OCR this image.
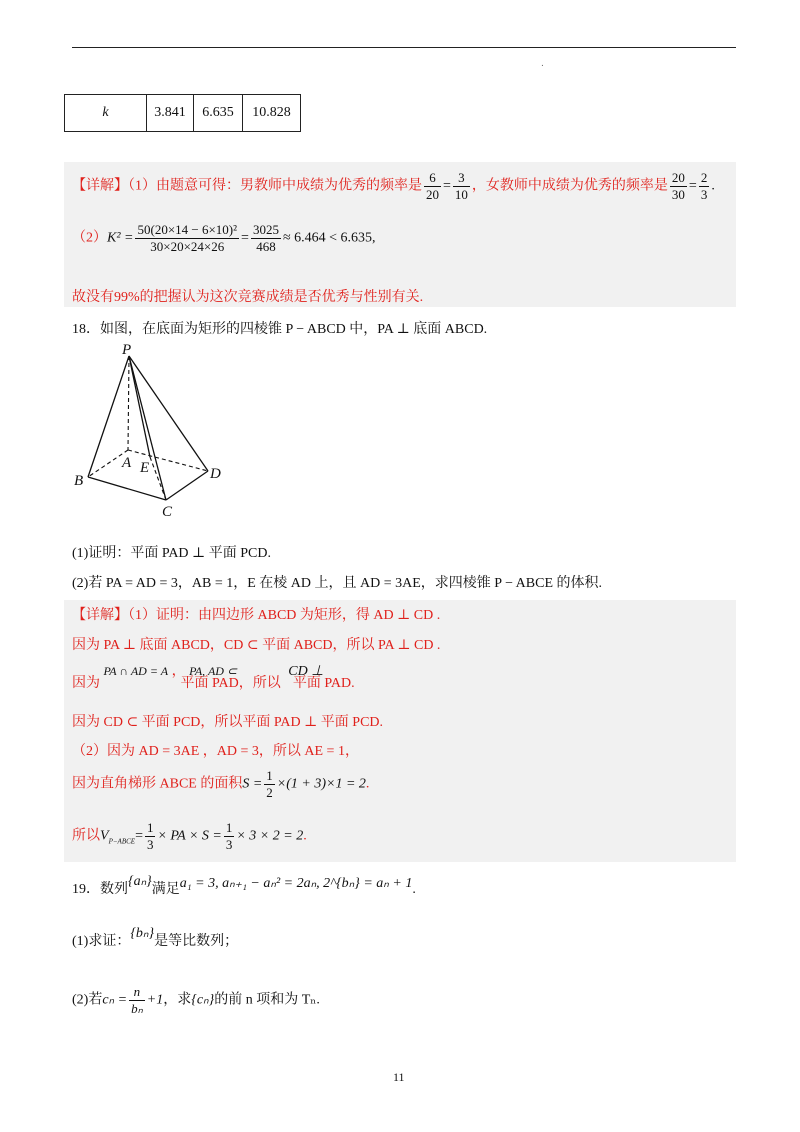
.
k	3.841	6.635	10.828
【详解】（1）由题意可得：男教师中成绩为优秀的频率是 $\frac{6}{20} = \frac{3}{10}$ ，女教师中成绩为优秀的频率是 $\frac{20}{30} = \frac{2}{3}$ .
$(2)K^2 = \frac{\text{50(20×14 − 6×10)²}}{30\times 20\times 24\times 26} = \frac{3025}{468} \approx 6.464 < 6.635$,
故没有99%的把握认为这次竞赛成绩是否优秀与性别有关.
18．如图，在底面为矩形的四棱锥 P − ABCD 中，PA ⊥ 底面 ABCD.
P
A
B
C
D
E
(1)证明：平面 PAD ⊥ 平面 PCD.
(2)若 PA = AD = 3，AB = 1，E 在棱 AD 上，且 AD = 3AE，求四棱锥 P − ABCE 的体积.
【详解】（1）证明：由四边形 ABCD 为矩形，得 AD ⊥ CD .
因为 PA ⊥ 底面 ABCD，CD ⊂ 平面 ABCD，所以 PA ⊥ CD .
因为 PA ∩ AD = A ， PA, AD ⊂ 平面 PAD，所以 CD ⊥ 平面 PAD.
因为 CD ⊂ 平面 PCD，所以平面 PAD ⊥ 平面 PCD.
（2）因为 AD = 3AE ，AD = 3，所以 AE = 1，
因为直角梯形 ABCE 的面积$S = \frac{1}{2} \times(1 + 3)\times 1 = 2$.
所以$V_{P-ABCE}= \frac{1}{3}$ × PA × $S = \frac{1}{3} \times 3 \times 2 = 2$.
19．数列{aₙ}满足a₁ = 3, aₙ₊₁ − aₙ² = 2aₙ, 2^{bₙ} = aₙ + 1.
(1)求证：{bₙ}是等比数列；
(2)若$c_n = \frac{n}{\text{bₙ}} +1$，求{cₙ}的前 n 项和为 Tₙ.
11
